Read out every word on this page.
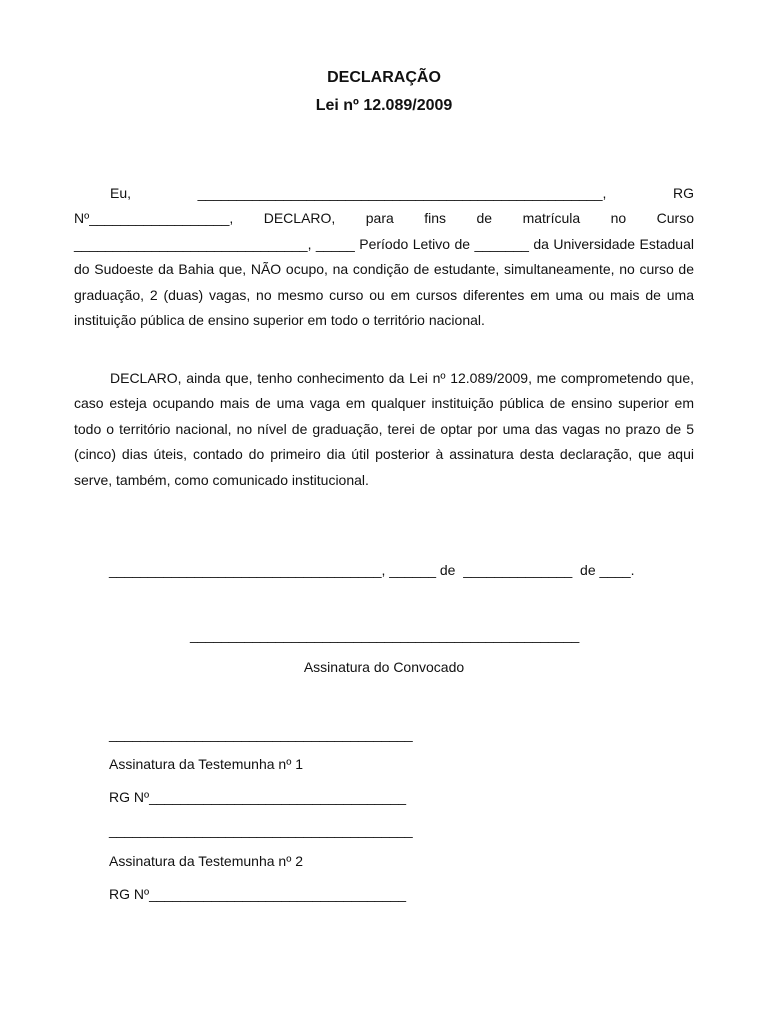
DECLARAÇÃO
Lei nº 12.089/2009

Eu, ____________________________________________________, RG Nº__________________, DECLARO, para fins de matrícula no Curso ______________________________, _____ Período Letivo de _______ da Universidade Estadual do Sudoeste da Bahia que, NÃO ocupo, na condição de estudante, simultaneamente, no curso de graduação, 2 (duas) vagas, no mesmo curso ou em cursos diferentes em uma ou mais de uma instituição pública de ensino superior em todo o território nacional.

DECLARO, ainda que, tenho conhecimento da Lei nº 12.089/2009, me comprometendo que, caso esteja ocupando mais de uma vaga em qualquer instituição pública de ensino superior em todo o território nacional, no nível de graduação, terei de optar por uma das vagas no prazo de 5 (cinco) dias úteis, contado do primeiro dia útil posterior à assinatura desta declaração, que aqui serve, também, como comunicado institucional.

___________________________________, ______ de  ______________  de ____.
__________________________________________________
Assinatura do Convocado
_______________________________________
Assinatura da Testemunha nº 1
RG Nº_________________________________
_______________________________________
Assinatura da Testemunha nº 2
RG Nº_________________________________
